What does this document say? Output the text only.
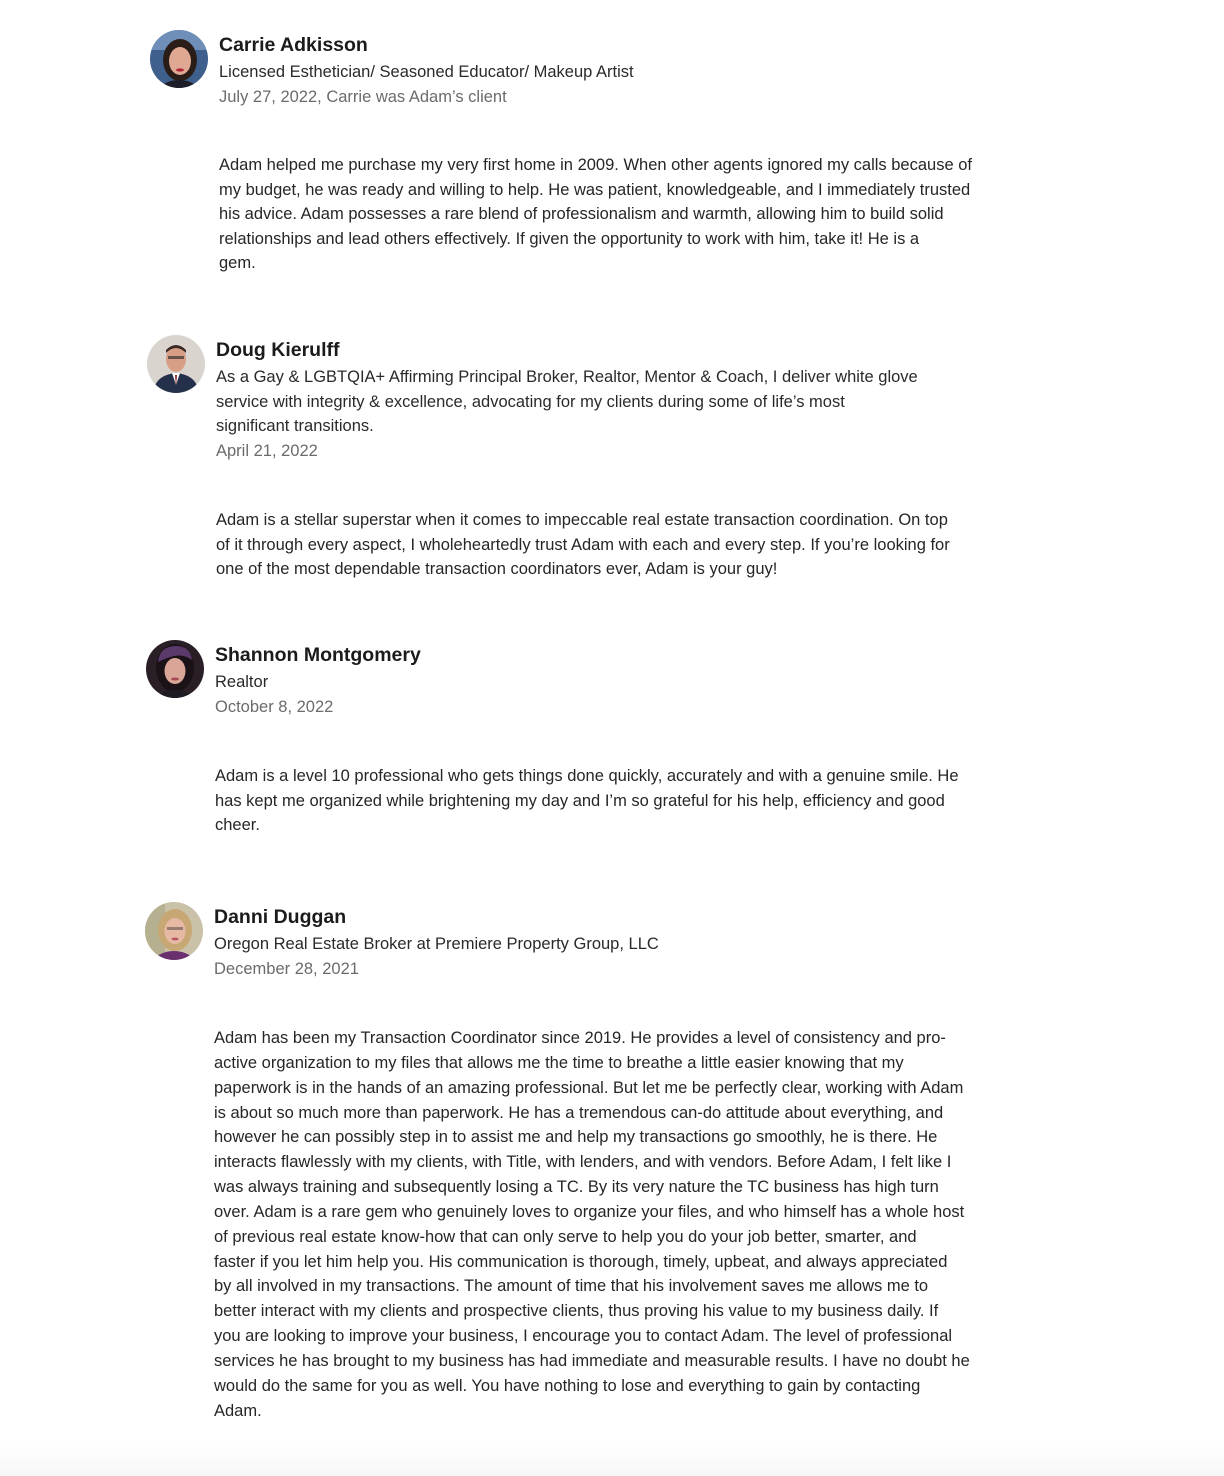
Carrie Adkisson
Licensed Esthetician/ Seasoned Educator/ Makeup Artist
July 27, 2022, Carrie was Adam’s client
Adam helped me purchase my very first home in 2009. When other agents ignored my calls because of
my budget, he was ready and willing to help. He was patient, knowledgeable, and I immediately trusted
his advice. Adam possesses a rare blend of professionalism and warmth, allowing him to build solid
relationships and lead others effectively. If given the opportunity to work with him, take it! He is a
gem.
Doug Kierulff
As a Gay & LGBTQIA+ Affirming Principal Broker, Realtor, Mentor & Coach, I deliver white glove
service with integrity & excellence, advocating for my clients during some of life’s most
significant transitions.
April 21, 2022
Adam is a stellar superstar when it comes to impeccable real estate transaction coordination. On top
of it through every aspect, I wholeheartedly trust Adam with each and every step. If you’re looking for
one of the most dependable transaction coordinators ever, Adam is your guy!
Shannon Montgomery
Realtor
October 8, 2022
Adam is a level 10 professional who gets things done quickly, accurately and with a genuine smile. He
has kept me organized while brightening my day and I’m so grateful for his help, efficiency and good
cheer.
Danni Duggan
Oregon Real Estate Broker at Premiere Property Group, LLC
December 28, 2021
Adam has been my Transaction Coordinator since 2019. He provides a level of consistency and pro-
active organization to my files that allows me the time to breathe a little easier knowing that my
paperwork is in the hands of an amazing professional. But let me be perfectly clear, working with Adam
is about so much more than paperwork. He has a tremendous can-do attitude about everything, and
however he can possibly step in to assist me and help my transactions go smoothly, he is there. He
interacts flawlessly with my clients, with Title, with lenders, and with vendors. Before Adam, I felt like I
was always training and subsequently losing a TC. By its very nature the TC business has high turn
over. Adam is a rare gem who genuinely loves to organize your files, and who himself has a whole host
of previous real estate know-how that can only serve to help you do your job better, smarter, and
faster if you let him help you. His communication is thorough, timely, upbeat, and always appreciated
by all involved in my transactions. The amount of time that his involvement saves me allows me to
better interact with my clients and prospective clients, thus proving his value to my business daily. If
you are looking to improve your business, I encourage you to contact Adam. The level of professional
services he has brought to my business has had immediate and measurable results. I have no doubt he
would do the same for you as well. You have nothing to lose and everything to gain by contacting
Adam.
